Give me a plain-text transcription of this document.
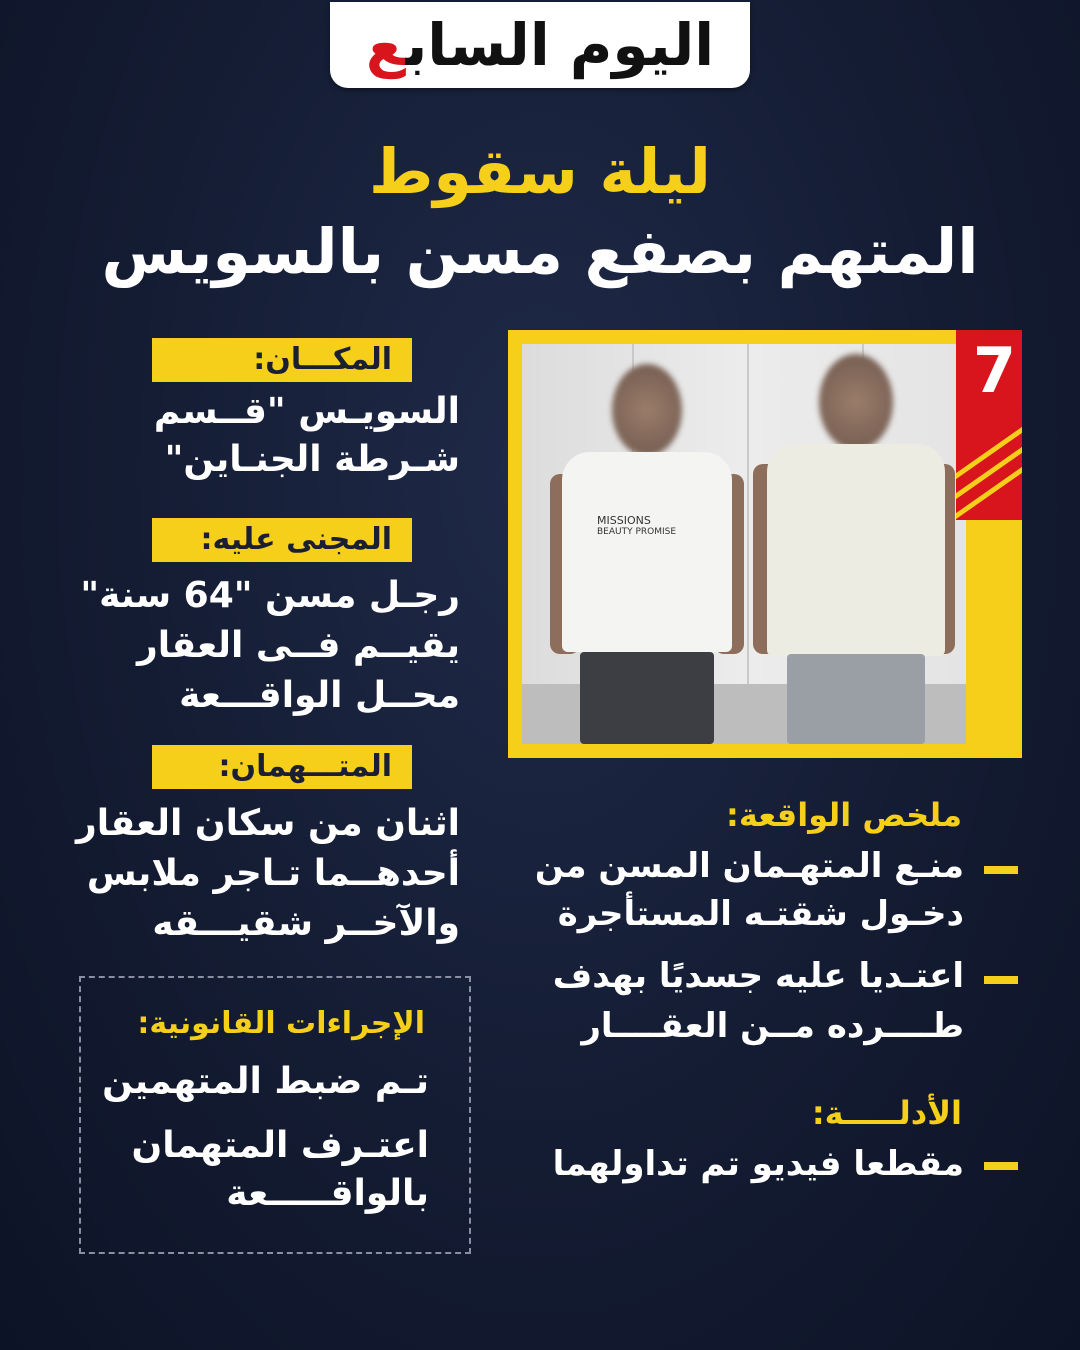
اليوم السابع
ليلة سقوط
المتهم بصفع مسن بالسويس
MISSIONS
BEAUTY PROMISE
7
المكـــان:
السويـس "قــسم
شـرطة الجنـاين"
المجنى عليه:
رجـل مسن "64 سنة"
يقيــم فــى العقار
محــل الواقـــعة
المتـــهمان:
اثنان من سكان العقار
أحدهــما تـاجر ملابس
والآخــر شقيـــقه
الإجراءات القانونية:
تـم ضبط المتهمين
اعتـرف المتهمان
بالواقـــــعة
ملخص الواقعة:
منـع المتهـمان المسن من
دخـول شقتـه المستأجرة
اعتـديا عليه جسديًا بهدف
طــــرده مــن العقــــار
الأدلـــــة:
مقطعا فيديو تم تداولهما
